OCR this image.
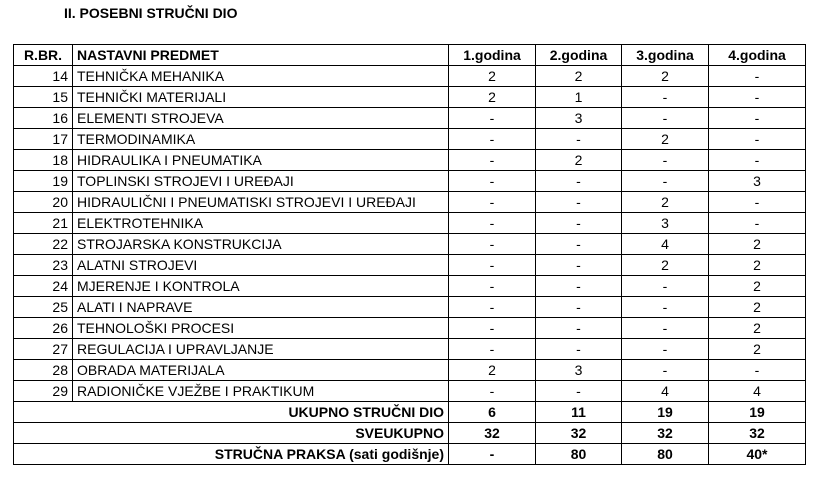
II. POSEBNI STRUČNI DIO
R.BR.	NASTAVNI PREDMET	1.godina	2.godina	3.godina	4.godina
14	TEHNIČKA MEHANIKA	2	2	2	-
15	TEHNIČKI MATERIJALI	2	1	-	-
16	ELEMENTI STROJEVA	-	3	-	-
17	TERMODINAMIKA	-	-	2	-
18	HIDRAULIKA I PNEUMATIKA	-	2	-	-
19	TOPLINSKI STROJEVI I UREĐAJI	-	-	-	3
20	HIDRAULIČNI I PNEUMATISKI STROJEVI I UREĐAJI	-	-	2	-
21	ELEKTROTEHNIKA	-	-	3	-
22	STROJARSKA KONSTRUKCIJA	-	-	4	2
23	ALATNI STROJEVI	-	-	2	2
24	MJERENJE I KONTROLA	-	-	-	2
25	ALATI I NAPRAVE	-	-	-	2
26	TEHNOLOŠKI PROCESI	-	-	-	2
27	REGULACIJA I UPRAVLJANJE	-	-	-	2
28	OBRADA MATERIJALA	2	3	-	-
29	RADIONIČKE VJEŽBE I PRAKTIKUM	-	-	4	4
UKUPNO STRUČNI DIO		6	11	19	19
SVEUKUPNO		32	32	32	32
STRUČNA PRAKSA (sati godišnje)		-	80	80	40*
